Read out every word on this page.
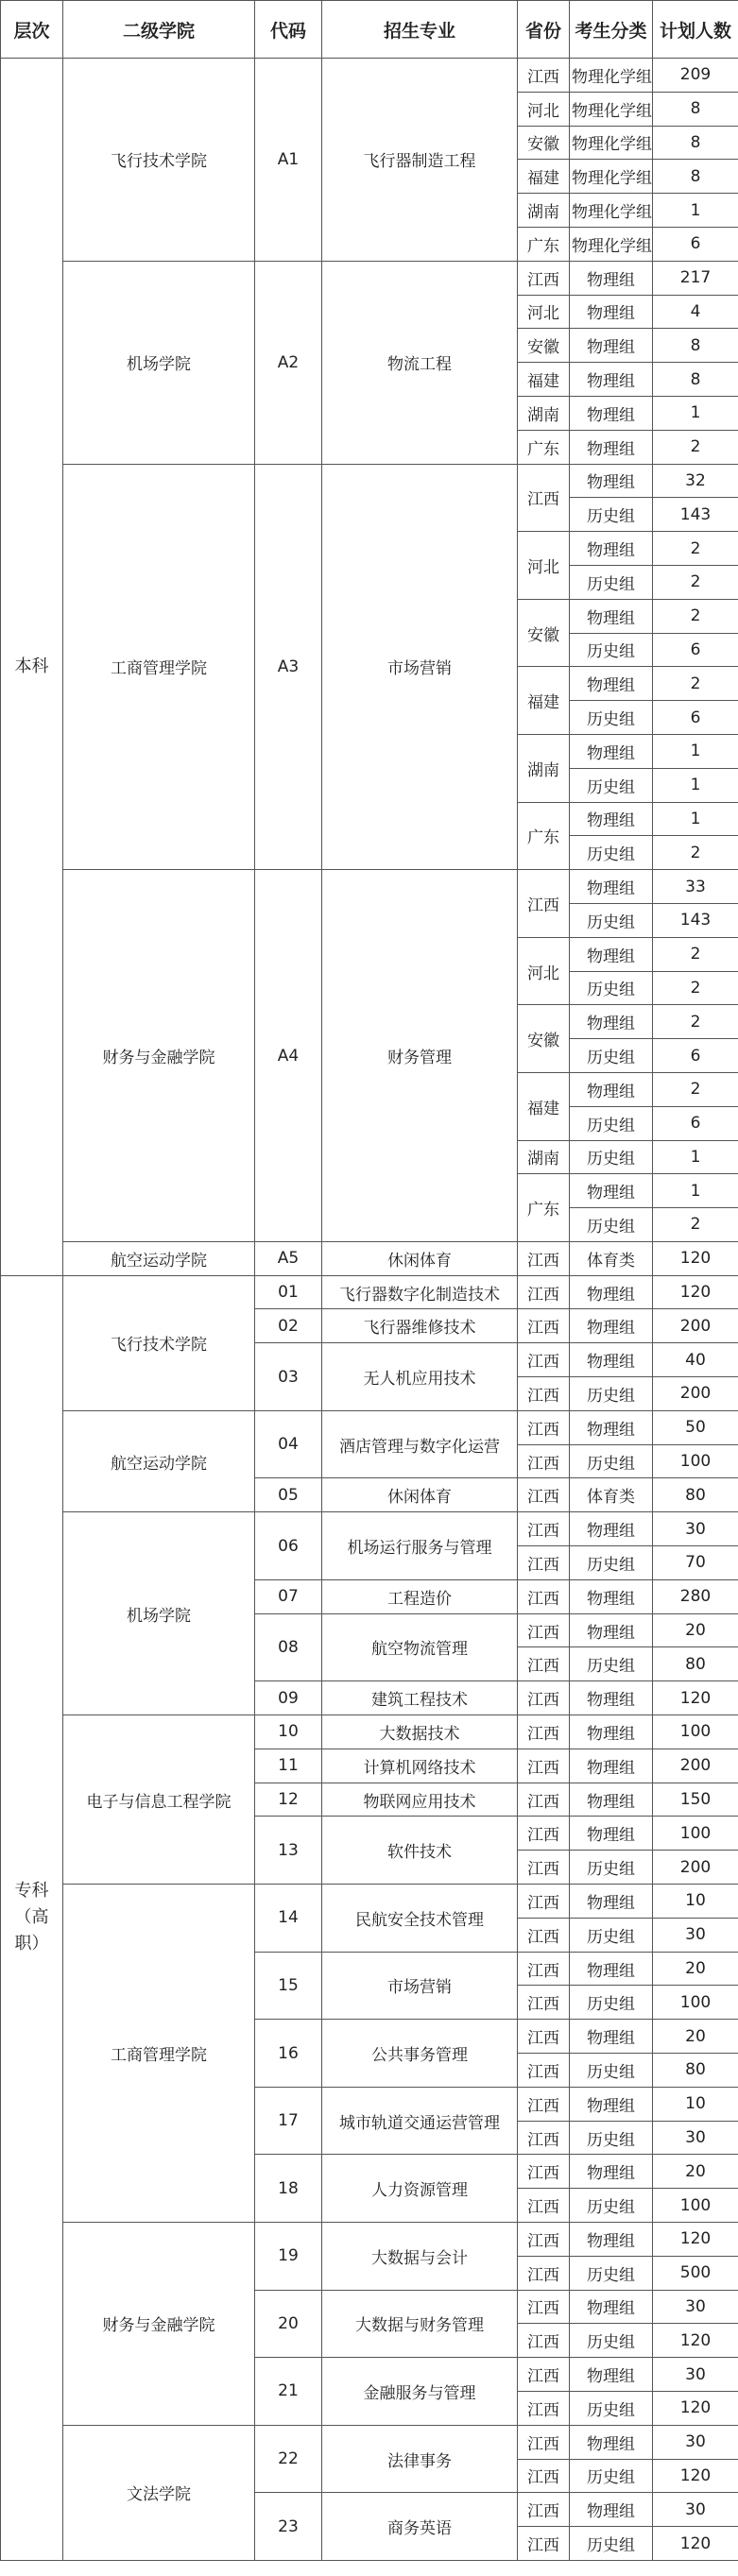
层次	二级学院	代码	招生专业	省份	考生分类	计划人数
本科	飞行技术学院	A1	飞行器制造工程	江西	物理化学组	209
				河北	物理化学组	8
				安徽	物理化学组	8
				福建	物理化学组	8
				湖南	物理化学组	1
				广东	物理化学组	6
	机场学院	A2	物流工程	江西	物理组	217
				河北	物理组	4
				安徽	物理组	8
				福建	物理组	8
				湖南	物理组	1
				广东	物理组	2
	工商管理学院	A3	市场营销	江西	物理组	32
					历史组	143
				河北	物理组	2
					历史组	2
				安徽	物理组	2
					历史组	6
				福建	物理组	2
					历史组	6
				湖南	物理组	1
					历史组	1
				广东	物理组	1
					历史组	2
	财务与金融学院	A4	财务管理	江西	物理组	33
					历史组	143
				河北	物理组	2
					历史组	2
				安徽	物理组	2
					历史组	6
				福建	物理组	2
					历史组	6
				湖南	历史组	1
				广东	物理组	1
					历史组	2
	航空运动学院	A5	休闲体育	江西	体育类	120
专科（高职）	飞行技术学院	01	飞行器数字化制造技术	江西	物理组	120
		02	飞行器维修技术	江西	物理组	200
		03	无人机应用技术	江西	物理组	40
				江西	历史组	200
	航空运动学院	04	酒店管理与数字化运营	江西	物理组	50
				江西	历史组	100
		05	休闲体育	江西	体育类	80
	机场学院	06	机场运行服务与管理	江西	物理组	30
				江西	历史组	70
		07	工程造价	江西	物理组	280
		08	航空物流管理	江西	物理组	20
				江西	历史组	80
		09	建筑工程技术	江西	物理组	120
	电子与信息工程学院	10	大数据技术	江西	物理组	100
		11	计算机网络技术	江西	物理组	200
		12	物联网应用技术	江西	物理组	150
		13	软件技术	江西	物理组	100
				江西	历史组	200
	工商管理学院	14	民航安全技术管理	江西	物理组	10
				江西	历史组	30
		15	市场营销	江西	物理组	20
				江西	历史组	100
		16	公共事务管理	江西	物理组	20
				江西	历史组	80
		17	城市轨道交通运营管理	江西	物理组	10
				江西	历史组	30
		18	人力资源管理	江西	物理组	20
				江西	历史组	100
	财务与金融学院	19	大数据与会计	江西	物理组	120
				江西	历史组	500
		20	大数据与财务管理	江西	物理组	30
				江西	历史组	120
		21	金融服务与管理	江西	物理组	30
				江西	历史组	120
	文法学院	22	法律事务	江西	物理组	30
				江西	历史组	120
		23	商务英语	江西	物理组	30
				江西	历史组	120
